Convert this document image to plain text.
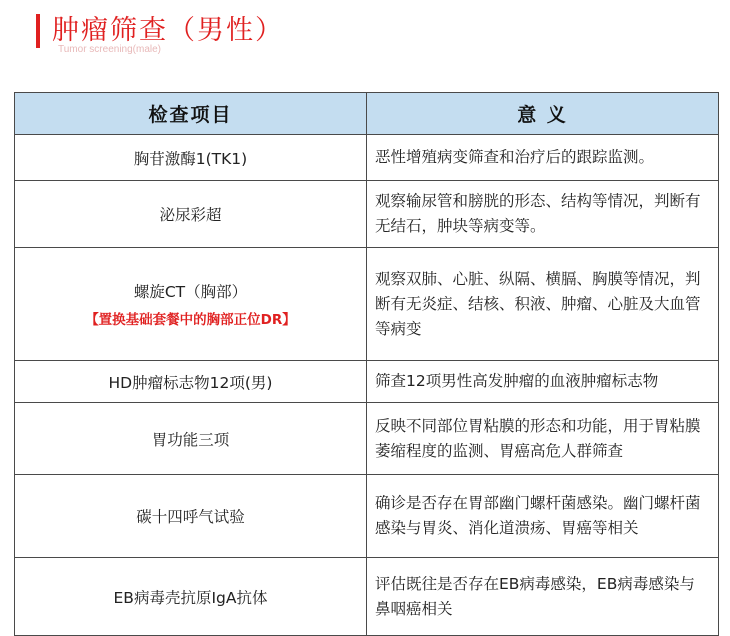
肿瘤筛查（男性）
Tumor screening(male)
检查项目	意 义
胸苷激酶1(TK1)	恶性增殖病变筛查和治疗后的跟踪监测。
泌尿彩超	观察输尿管和膀胱的形态、结构等情况，判断有无结石，肿块等病变等。

螺旋CT（胸部）
【置换基础套餐中的胸部正位DR】	观察双肺、心脏、纵隔、横膈、胸膜等情况，判断有无炎症、结核、积液、肿瘤、心脏及大血管等病变
HD肿瘤标志物12项(男)	筛查12项男性高发肿瘤的血液肿瘤标志物
胃功能三项	反映不同部位胃粘膜的形态和功能，用于胃粘膜萎缩程度的监测、胃癌高危人群筛查
碳十四呼气试验	确诊是否存在胃部幽门螺杆菌感染。幽门螺杆菌感染与胃炎、消化道溃疡、胃癌等相关
EB病毒壳抗原IgA抗体	评估既往是否存在EB病毒感染，EB病毒感染与鼻咽癌相关
